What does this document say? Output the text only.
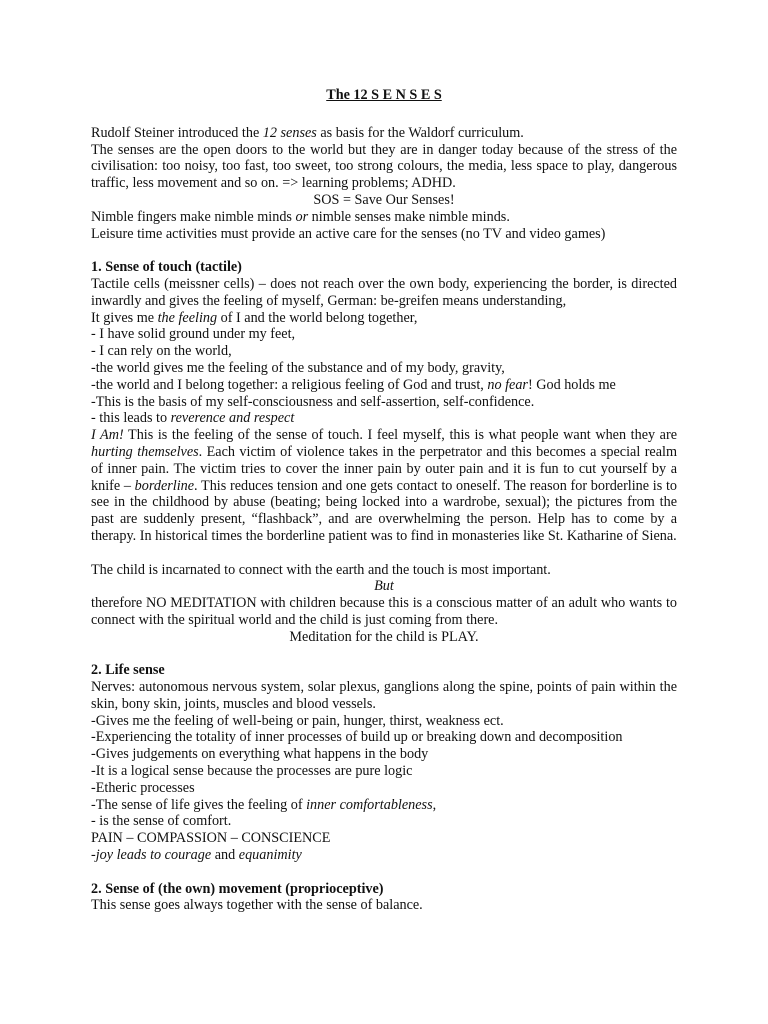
The 12 S E N S E S

Rudolf Steiner introduced the 12 senses as basis for the Waldorf curriculum.

The senses are the open doors to the world but they are in danger today because of the stress of the civilisation: too noisy, too fast, too sweet, too strong colours, the media, less space to play, dangerous traffic, less movement and so on. => learning problems; ADHD.

SOS = Save Our Senses!

Nimble fingers make nimble minds or nimble senses make nimble minds.

Leisure time activities must provide an active care for the senses (no TV and video games)

1. Sense of touch (tactile)

Tactile cells (meissner cells) – does not reach over the own body, experiencing the border, is directed inwardly and gives the feeling of myself, German: be-greifen means understanding,

It gives me the feeling of I and the world belong together,

- I have solid ground under my feet,

- I can rely on the world,

-the world gives me the feeling of the substance and of my body, gravity,

-the world and I belong together: a religious feeling of God and trust, no fear! God holds me

-This is the basis of my self-consciousness and self-assertion, self-confidence.

- this leads to reverence and respect

I Am! This is the feeling of the sense of touch. I feel myself, this is what people want when they are hurting themselves. Each victim of violence takes in the perpetrator and this becomes a special realm of inner pain. The victim tries to cover the inner pain by outer pain and it is fun to cut yourself by a knife – borderline. This reduces tension and one gets contact to oneself. The reason for borderline is to see in the childhood by abuse (beating; being locked into a wardrobe, sexual); the pictures from the past are suddenly present, “flashback”, and are overwhelming the person. Help has to come by a therapy. In historical times the borderline patient was to find in monasteries like St. Katharine of Siena.

The child is incarnated to connect with the earth and the touch is most important.

But

therefore NO MEDITATION with children because this is a conscious matter of an adult who wants to connect with the spiritual world and the child is just coming from there.

Meditation for the child is PLAY.

2. Life sense

Nerves: autonomous nervous system, solar plexus, ganglions along the spine, points of pain within the skin, bony skin, joints, muscles and blood vessels.

-Gives me the feeling of well-being or pain, hunger, thirst, weakness ect.

-Experiencing the totality of inner processes of build up or breaking down and decomposition

-Gives judgements on everything what happens in the body

-It is a logical sense because the processes are pure logic

-Etheric processes

-The sense of life gives the feeling of inner comfortableness,

- is the sense of comfort.

PAIN – COMPASSION – CONSCIENCE

-joy leads to courage and equanimity

2. Sense of (the own) movement (proprioceptive)

This sense goes always together with the sense of balance.
